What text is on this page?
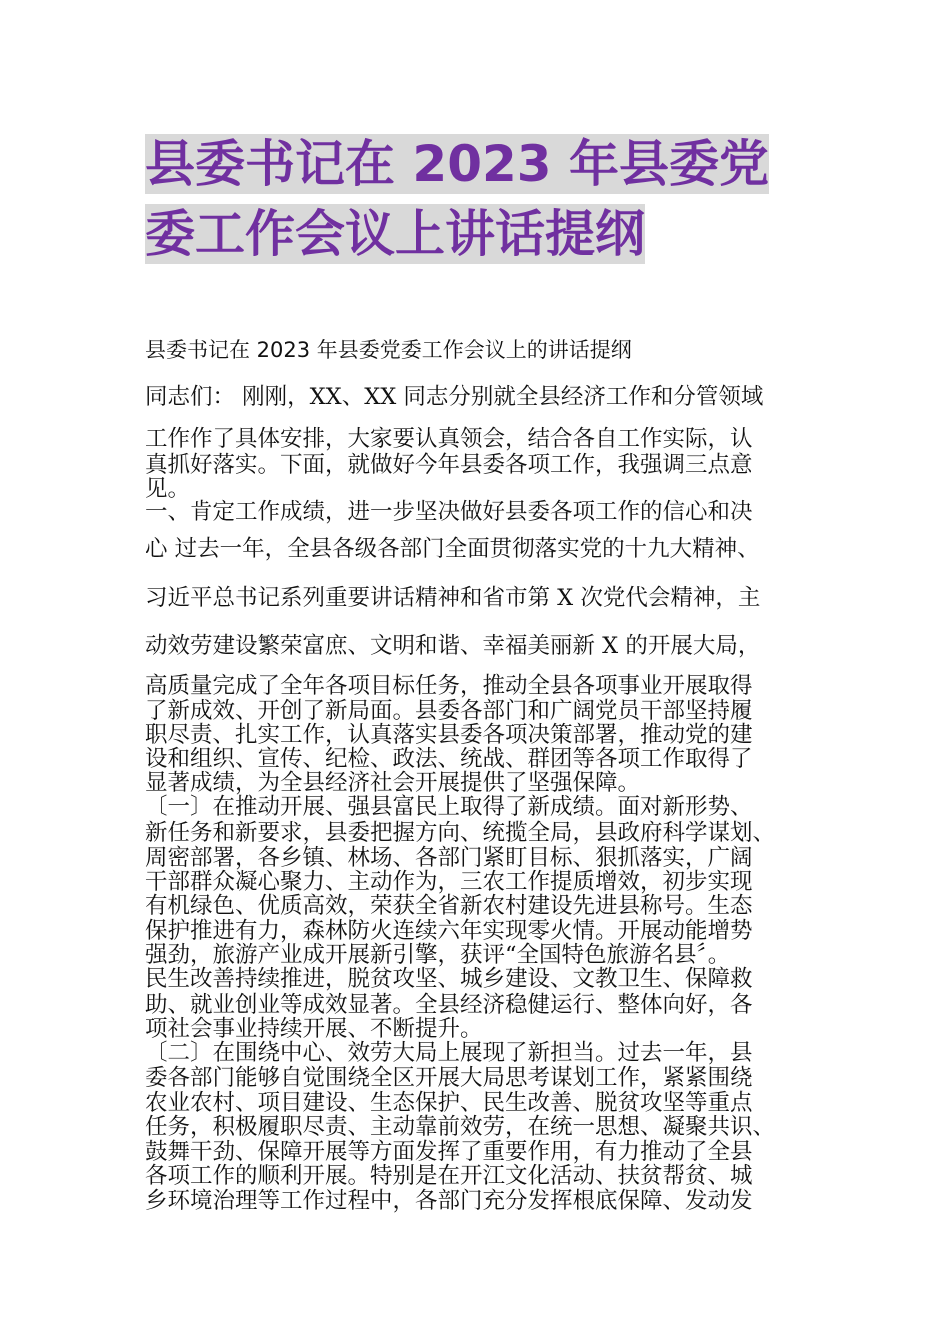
县委书记在 2023 年县委党
委工作会议上讲话提纲
县委书记在 2023 年县委党委工作会议上的讲话提纲
同志们： 刚刚，XX、XX 同志分别就全县经济工作和分管领域
工作作了具体安排，大家要认真领会，结合各自工作实际，认
真抓好落实。下面，就做好今年县委各项工作，我强调三点意
见。
一、肯定工作成绩，进一步坚决做好县委各项工作的信心和决
心 过去一年，全县各级各部门全面贯彻落实党的十九大精神、
习近平总书记系列重要讲话精神和省市第 X 次党代会精神，主
动效劳建设繁荣富庶、文明和谐、幸福美丽新 X 的开展大局，
高质量完成了全年各项目标任务，推动全县各项事业开展取得
了新成效、开创了新局面。县委各部门和广阔党员干部坚持履
职尽责、扎实工作，认真落实县委各项决策部署，推动党的建
设和组织、宣传、纪检、政法、统战、群团等各项工作取得了
显著成绩，为全县经济社会开展提供了坚强保障。
〔一〕在推动开展、强县富民上取得了新成绩。面对新形势、
新任务和新要求，县委把握方向、统揽全局，县政府科学谋划、
周密部署，各乡镇、林场、各部门紧盯目标、狠抓落实，广阔
干部群众凝心聚力、主动作为，三农工作提质增效，初步实现
有机绿色、优质高效，荣获全省新农村建设先进县称号。生态
保护推进有力，森林防火连续六年实现零火情。开展动能增势
强劲，旅游产业成开展新引擎，获评“全国特色旅游名县〞。
民生改善持续推进，脱贫攻坚、城乡建设、文教卫生、保障救
助、就业创业等成效显著。全县经济稳健运行、整体向好，各
项社会事业持续开展、不断提升。
〔二〕在围绕中心、效劳大局上展现了新担当。过去一年，县
委各部门能够自觉围绕全区开展大局思考谋划工作，紧紧围绕
农业农村、项目建设、生态保护、民生改善、脱贫攻坚等重点
任务，积极履职尽责、主动靠前效劳，在统一思想、凝聚共识、
鼓舞干劲、保障开展等方面发挥了重要作用，有力推动了全县
各项工作的顺利开展。特别是在开江文化活动、扶贫帮贫、城
乡环境治理等工作过程中，各部门充分发挥根底保障、发动发
